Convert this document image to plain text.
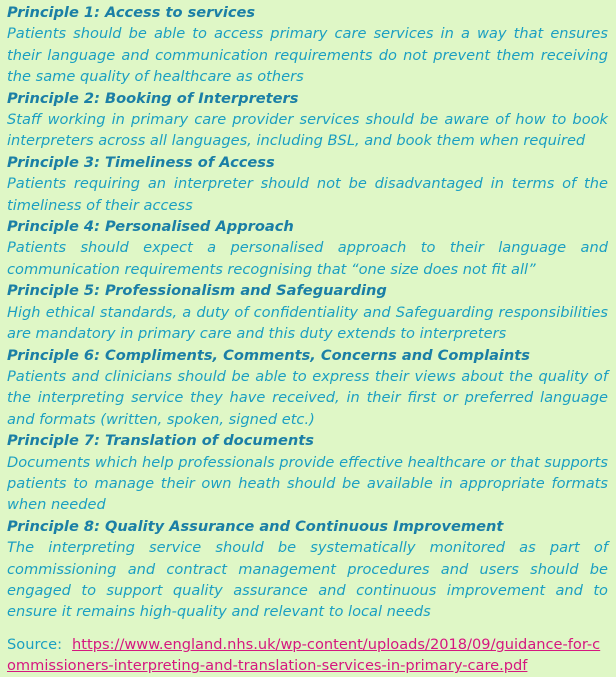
Principle 1: Access to services

Patients should be able to access primary care services in a way that ensures their language and communication requirements do not prevent them receiving the same quality of healthcare as others

Principle 2: Booking of Interpreters

Staff working in primary care provider services should be aware of how to book interpreters across all languages, including BSL, and book them when required

Principle 3: Timeliness of Access

Patients requiring an interpreter should not be disadvantaged in terms of the timeliness of their access

Principle 4: Personalised Approach

Patients should expect a personalised approach to their language and communication requirements recognising that “one size does not fit all”

Principle 5: Professionalism and Safeguarding

High ethical standards, a duty of confidentiality and Safeguarding responsibilities are mandatory in primary care and this duty extends to interpreters

Principle 6: Compliments, Comments, Concerns and Complaints

Patients and clinicians should be able to express their views about the quality of the interpreting service they have received, in their first or preferred language and formats (written, spoken, signed etc.)

Principle 7: Translation of documents

Documents which help professionals provide effective healthcare or that supports patients to manage their own heath should be available in appropriate formats when needed

Principle 8: Quality Assurance and Continuous Improvement

The interpreting service should be systematically monitored as part of commissioning and contract management procedures and users should be engaged to support quality assurance and continuous improvement and to ensure it remains high-quality and relevant to local needs

Source: https://www.england.nhs.uk/wp-content/uploads/2018/09/guidance-for-commissioners-interpreting-and-translation-services-in-primary-care.pdf
